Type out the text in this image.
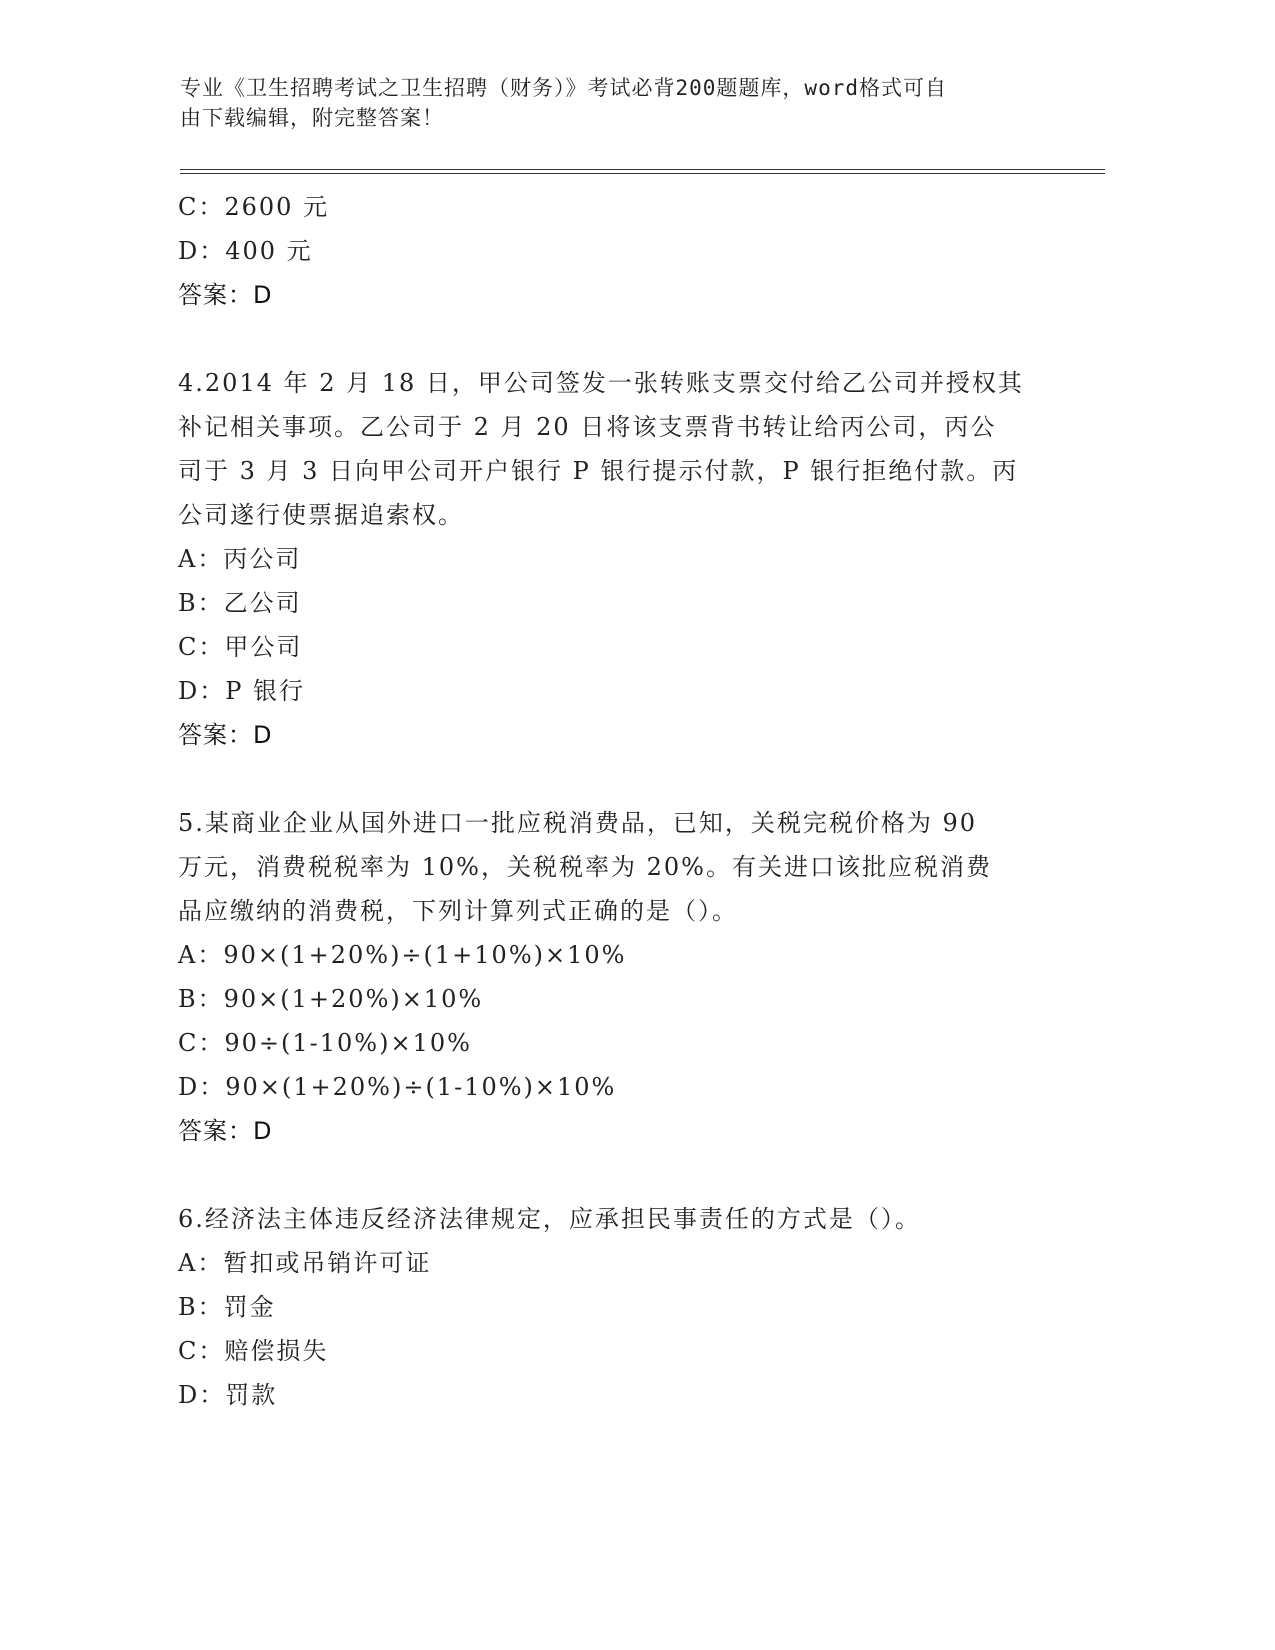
专业《卫生招聘考试之卫生招聘（财务）》考试必背200题题库，word格式可自
由下载编辑，附完整答案！
C：2600 元
D：400 元
答案：D
4.2014 年 2 月 18 日，甲公司签发一张转账支票交付给乙公司并授权其
补记相关事项。乙公司于 2 月 20 日将该支票背书转让给丙公司，丙公
司于 3 月 3 日向甲公司开户银行 P 银行提示付款，P 银行拒绝付款。丙
公司遂行使票据追索权。
A：丙公司
B：乙公司
C：甲公司
D：P 银行
答案：D
5.某商业企业从国外进口一批应税消费品，已知，关税完税价格为 90
万元，消费税税率为 10%，关税税率为 20%。有关进口该批应税消费
品应缴纳的消费税，下列计算列式正确的是（）。
A：90×(1+20%)÷(1+10%)×10%
B：90×(1+20%)×10%
C：90÷(1-10%)×10%
D：90×(1+20%)÷(1-10%)×10%
答案：D
6.经济法主体违反经济法律规定，应承担民事责任的方式是（）。
A：暂扣或吊销许可证
B：罚金
C：赔偿损失
D：罚款
